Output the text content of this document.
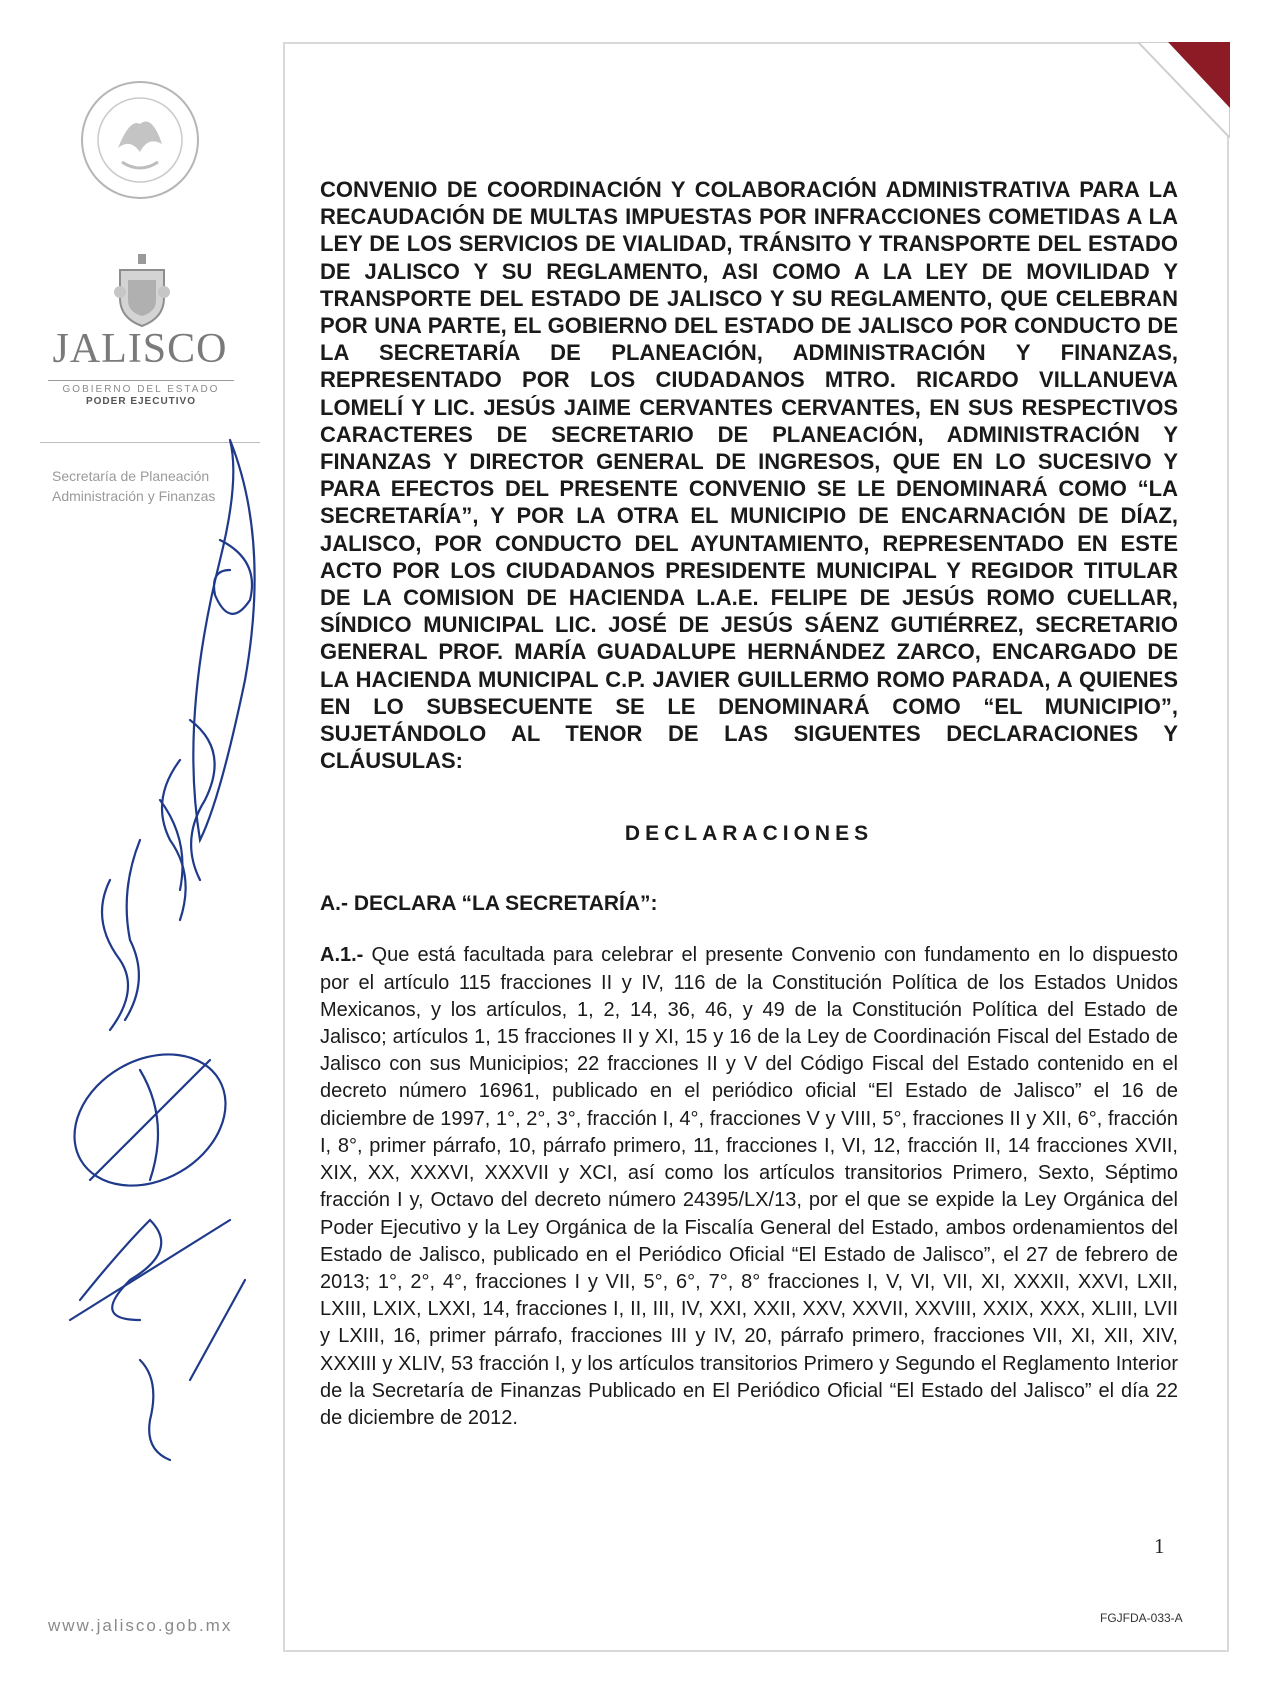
JALISCO
GOBIERNO DEL ESTADO
PODER EJECUTIVO
Secretaría de Planeación
Administración y Finanzas
www.jalisco.gob.mx

CONVENIO DE COORDINACIÓN Y COLABORACIÓN ADMINISTRATIVA PARA LA RECAUDACIÓN DE MULTAS IMPUESTAS POR INFRACCIONES COMETIDAS A LA LEY DE LOS SERVICIOS DE VIALIDAD, TRÁNSITO Y TRANSPORTE DEL ESTADO DE JALISCO Y SU REGLAMENTO, ASI COMO A LA LEY DE MOVILIDAD Y TRANSPORTE DEL ESTADO DE JALISCO Y SU REGLAMENTO, QUE CELEBRAN POR UNA PARTE, EL GOBIERNO DEL ESTADO DE JALISCO POR CONDUCTO DE LA SECRETARÍA DE PLANEACIÓN, ADMINISTRACIÓN Y FINANZAS, REPRESENTADO POR LOS CIUDADANOS MTRO. RICARDO VILLANUEVA LOMELÍ Y LIC. JESÚS JAIME CERVANTES CERVANTES, EN SUS RESPECTIVOS CARACTERES DE SECRETARIO DE PLANEACIÓN, ADMINISTRACIÓN Y FINANZAS Y DIRECTOR GENERAL DE INGRESOS, QUE EN LO SUCESIVO Y PARA EFECTOS DEL PRESENTE CONVENIO SE LE DENOMINARÁ COMO “LA SECRETARÍA”, Y POR LA OTRA EL MUNICIPIO DE ENCARNACIÓN DE DÍAZ, JALISCO, POR CONDUCTO DEL AYUNTAMIENTO, REPRESENTADO EN ESTE ACTO POR LOS CIUDADANOS PRESIDENTE MUNICIPAL Y REGIDOR TITULAR DE LA COMISION DE HACIENDA L.A.E. FELIPE DE JESÚS ROMO CUELLAR, SÍNDICO MUNICIPAL LIC. JOSÉ DE JESÚS SÁENZ GUTIÉRREZ, SECRETARIO GENERAL PROF. MARÍA GUADALUPE HERNÁNDEZ ZARCO, ENCARGADO DE LA HACIENDA MUNICIPAL C.P. JAVIER GUILLERMO ROMO PARADA, A QUIENES EN LO SUBSECUENTE SE LE DENOMINARÁ COMO “EL MUNICIPIO”, SUJETÁNDOLO AL TENOR DE LAS SIGUENTES DECLARACIONES Y CLÁUSULAS:

DECLARACIONES

A.- DECLARA “LA SECRETARÍA”:

A.1.- Que está facultada para celebrar el presente Convenio con fundamento en lo dispuesto por el artículo 115 fracciones II y IV, 116 de la Constitución Política de los Estados Unidos Mexicanos, y los artículos, 1, 2, 14, 36, 46, y 49 de la Constitución Política del Estado de Jalisco; artículos 1, 15 fracciones II y XI, 15 y 16 de la Ley de Coordinación Fiscal del Estado de Jalisco con sus Municipios; 22 fracciones II y V del Código Fiscal del Estado contenido en el decreto número 16961, publicado en el periódico oficial “El Estado de Jalisco” el 16 de diciembre de 1997, 1°, 2°, 3°, fracción I, 4°, fracciones V y VIII, 5°, fracciones II y XII, 6°, fracción I, 8°, primer párrafo, 10, párrafo primero, 11, fracciones I, VI, 12, fracción II, 14 fracciones XVII, XIX, XX, XXXVI, XXXVII y XCI, así como los artículos transitorios Primero, Sexto, Séptimo fracción I y, Octavo del decreto número 24395/LX/13, por el que se expide la Ley Orgánica del Poder Ejecutivo y la Ley Orgánica de la Fiscalía General del Estado, ambos ordenamientos del Estado de Jalisco, publicado en el Periódico Oficial “El Estado de Jalisco”, el 27 de febrero de 2013; 1°, 2°, 4°, fracciones I y VII, 5°, 6°, 7°, 8° fracciones I, V, VI, VII, XI, XXXII, XXVI, LXII, LXIII, LXIX, LXXI, 14, fracciones I, II, III, IV, XXI, XXII, XXV, XXVII, XXVIII, XXIX, XXX, XLIII, LVII y LXIII, 16, primer párrafo, fracciones III y IV, 20, párrafo primero, fracciones VII, XI, XII, XIV, XXXIII y XLIV, 53 fracción I, y los artículos transitorios Primero y Segundo el Reglamento Interior de la Secretaría de Finanzas Publicado en El Periódico Oficial “El Estado del Jalisco” el día 22 de diciembre de 2012.

1
FGJFDA-033-A
